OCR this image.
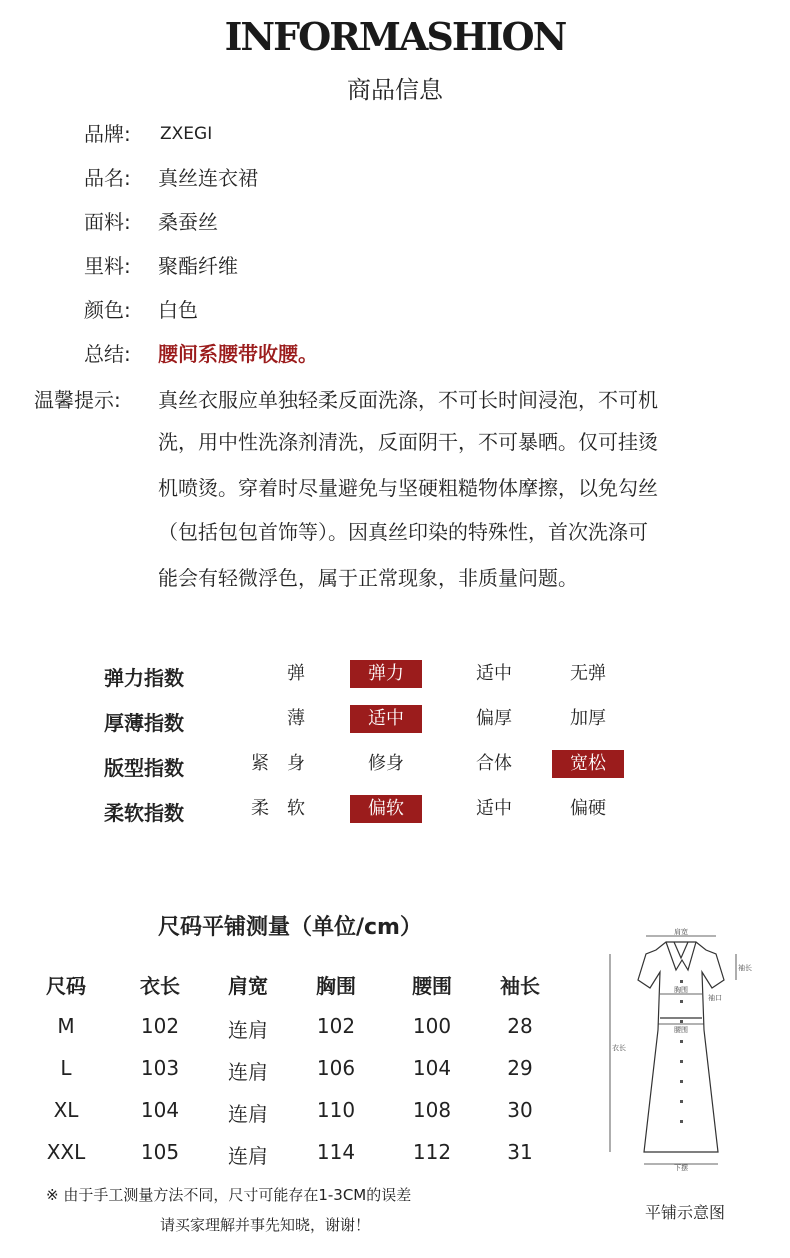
INFORMASHION
商品信息
品牌: ZXEGI
品名: 真丝连衣裙
面料: 桑蚕丝
里料: 聚酯纤维
颜色: 白色
总结: 腰间系腰带收腰。
温馨提示: 真丝衣服应单独轻柔反面洗涤，不可长时间浸泡，不可机
洗，用中性洗涤剂清洗，反面阴干，不可暴晒。仅可挂烫
机喷烫。穿着时尽量避免与坚硬粗糙物体摩擦，以免勾丝
（包括包包首饰等）。因真丝印染的特殊性，首次洗涤可
能会有轻微浮色，属于正常现象，非质量问题。
弹力指数	弹	弹力	适中	无弹
厚薄指数	薄	适中	偏厚	加厚
版型指数	紧	身	修身	合体	宽松
柔软指数	柔	软	偏软	适中	偏硬
尺码平铺测量（单位/cm）
尺码	衣长	肩宽	胸围	腰围	袖长
M	102	连肩	102	100	28
L	103	连肩	106	104	29
XL	104	连肩	110	108	30
XXL	105	连肩	114	112	31
※ 由于手工测量方法不同，尺寸可能存在1-3CM的误差
请买家理解并事先知晓，谢谢！
肩宽
胸围
腰围
袖长
袖口
衣长
下摆
平铺示意图
